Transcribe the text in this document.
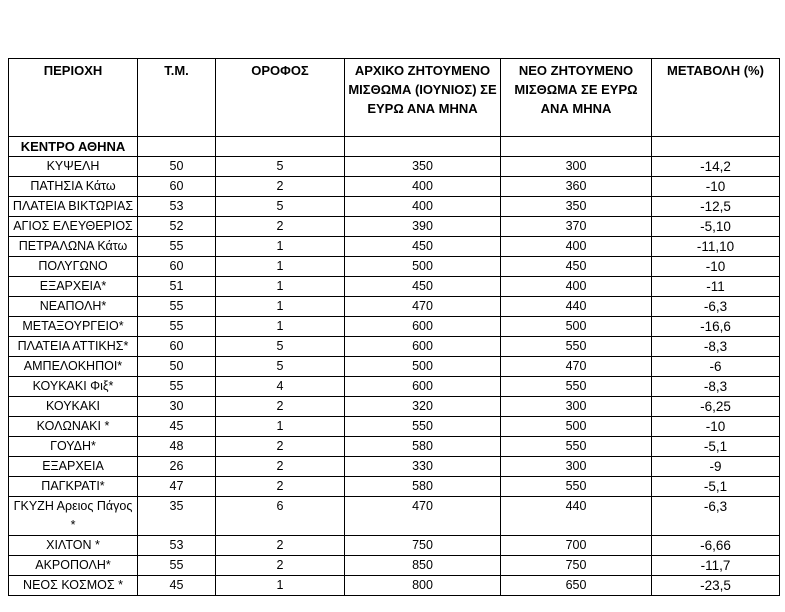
ΠΕΡΙΟΧΗ	Τ.Μ.	ΟΡΟΦΟΣ	ΑΡΧΙΚΟ ΖΗΤΟΥΜΕΝΟ ΜΙΣΘΩΜΑ (ΙΟΥΝΙΟΣ) ΣΕ ΕΥΡΩ ΑΝΑ ΜΗΝΑ	ΝΕΟ ΖΗΤΟΥΜΕΝΟ ΜΙΣΘΩΜΑ ΣΕ ΕΥΡΩ ΑΝΑ ΜΗΝΑ	ΜΕΤΑΒΟΛΗ (%)
ΚΕΝΤΡΟ ΑΘΗΝΑ					
ΚΥΨΕΛΗ	50	5	350	300	-14,2
ΠΑΤΗΣΙΑ Κάτω	60	2	400	360	-10
ΠΛΑΤΕΙΑ ΒΙΚΤΩΡΙΑΣ	53	5	400	350	-12,5
ΑΓΙΟΣ ΕΛΕΥΘΕΡΙΟΣ	52	2	390	370	-5,10
ΠΕΤΡΑΛΩΝΑ Κάτω	55	1	450	400	-11,10
ΠΟΛΥΓΩΝΟ	60	1	500	450	-10
ΕΞΑΡΧΕΙΑ*	51	1	450	400	-11
ΝΕΑΠΟΛΗ*	55	1	470	440	-6,3
ΜΕΤΑΞΟΥΡΓΕΙΟ*	55	1	600	500	-16,6
ΠΛΑΤΕΙΑ ΑΤΤΙΚΗΣ*	60	5	600	550	-8,3
ΑΜΠΕΛΟΚΗΠΟΙ*	50	5	500	470	-6
ΚΟΥΚΑΚΙ Φιξ*	55	4	600	550	-8,3
ΚΟΥΚΑΚΙ	30	2	320	300	-6,25
ΚΟΛΩΝΑΚΙ *	45	1	550	500	-10
ΓΟΥΔΗ*	48	2	580	550	-5,1
ΕΞΑΡΧΕΙΑ	26	2	330	300	-9
ΠΑΓΚΡΑΤΙ*	47	2	580	550	-5,1
ΓΚΥΖΗ Αρειος Πάγος *	35	6	470	440	-6,3
ΧΙΛΤΟΝ *	53	2	750	700	-6,66
ΑΚΡΟΠΟΛΗ*	55	2	850	750	-11,7
ΝΕΟΣ ΚΟΣΜΟΣ *	45	1	800	650	-23,5
